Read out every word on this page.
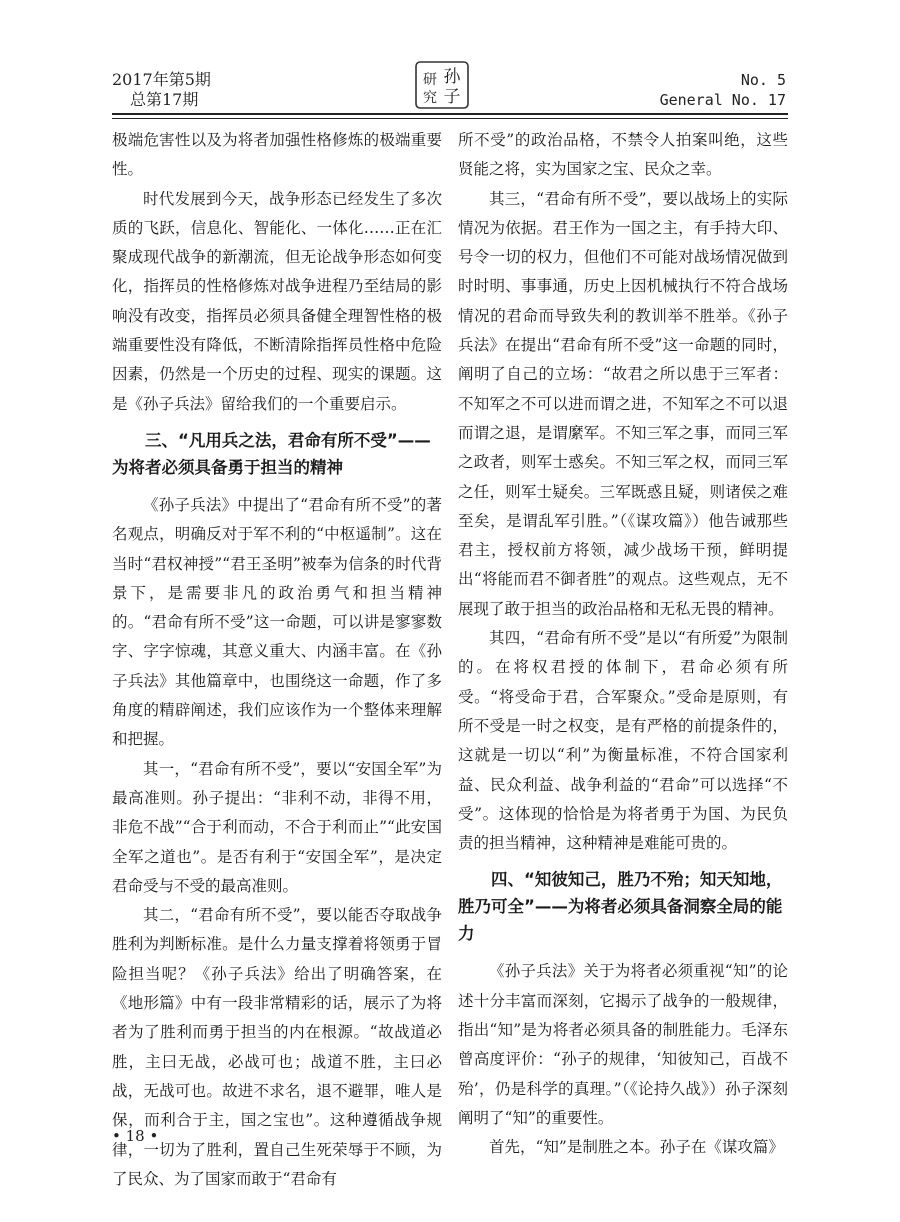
2017年第5期
总第17期
孙
子
研
究
No. 5
General No. 17

极端危害性以及为将者加强性格修炼的极端重要性。

时代发展到今天，战争形态已经发生了多次质的飞跃，信息化、智能化、一体化……正在汇聚成现代战争的新潮流，但无论战争形态如何变化，指挥员的性格修炼对战争进程乃至结局的影响没有改变，指挥员必须具备健全理智性格的极端重要性没有降低，不断清除指挥员性格中危险因素，仍然是一个历史的过程、现实的课题。这是《孙子兵法》留给我们的一个重要启示。

三、“凡用兵之法，君命有所不受”——为将者必须具备勇于担当的精神

《孙子兵法》中提出了“君命有所不受”的著名观点，明确反对于军不利的“中枢遥制”。这在当时“君权神授”“君王圣明”被奉为信条的时代背景下，是需要非凡的政治勇气和担当精神的。“君命有所不受”这一命题，可以讲是寥寥数字、字字惊魂，其意义重大、内涵丰富。在《孙子兵法》其他篇章中，也围绕这一命题，作了多角度的精辟阐述，我们应该作为一个整体来理解和把握。

其一，“君命有所不受”，要以“安国全军”为最高准则。孙子提出：“非利不动，非得不用，非危不战”“合于利而动，不合于利而止”“此安国全军之道也”。是否有利于“安国全军”，是决定君命受与不受的最高准则。

其二，“君命有所不受”，要以能否夺取战争胜利为判断标准。是什么力量支撑着将领勇于冒险担当呢？《孙子兵法》给出了明确答案，在《地形篇》中有一段非常精彩的话，展示了为将者为了胜利而勇于担当的内在根源。“故战道必胜，主曰无战，必战可也；战道不胜，主曰必战，无战可也。故进不求名，退不避罪，唯人是保，而利合于主，国之宝也”。这种遵循战争规律，一切为了胜利，置自己生死荣辱于不顾，为了民众、为了国家而敢于“君命有

所不受”的政治品格，不禁令人拍案叫绝，这些贤能之将，实为国家之宝、民众之幸。

其三，“君命有所不受”，要以战场上的实际情况为依据。君王作为一国之主，有手持大印、号令一切的权力，但他们不可能对战场情况做到时时明、事事通，历史上因机械执行不符合战场情况的君命而导致失利的教训举不胜举。《孙子兵法》在提出“君命有所不受”这一命题的同时，阐明了自己的立场：“故君之所以患于三军者：不知军之不可以进而谓之进，不知军之不可以退而谓之退，是谓縻军。不知三军之事，而同三军之政者，则军士惑矣。不知三军之权，而同三军之任，则军士疑矣。三军既惑且疑，则诸侯之难至矣，是谓乱军引胜。”（《谋攻篇》）他告诫那些君主，授权前方将领，减少战场干预，鲜明提出“将能而君不御者胜”的观点。这些观点，无不展现了敢于担当的政治品格和无私无畏的精神。

其四，“君命有所不受”是以“有所爱”为限制的。在将权君授的体制下，君命必须有所受。“将受命于君，合军聚众。”受命是原则，有所不受是一时之权变，是有严格的前提条件的，这就是一切以“利”为衡量标准，不符合国家利益、民众利益、战争利益的“君命”可以选择“不受”。这体现的恰恰是为将者勇于为国、为民负责的担当精神，这种精神是难能可贵的。

四、“知彼知己，胜乃不殆；知天知地，胜乃可全”——为将者必须具备洞察全局的能力

《孙子兵法》关于为将者必须重视“知”的论述十分丰富而深刻，它揭示了战争的一般规律，指出“知”是为将者必须具备的制胜能力。毛泽东曾高度评价：“孙子的规律，‘知彼知己，百战不殆’，仍是科学的真理。”（《论持久战》）孙子深刻阐明了“知”的重要性。

首先，“知”是制胜之本。孙子在《谋攻篇》

• 18 •
